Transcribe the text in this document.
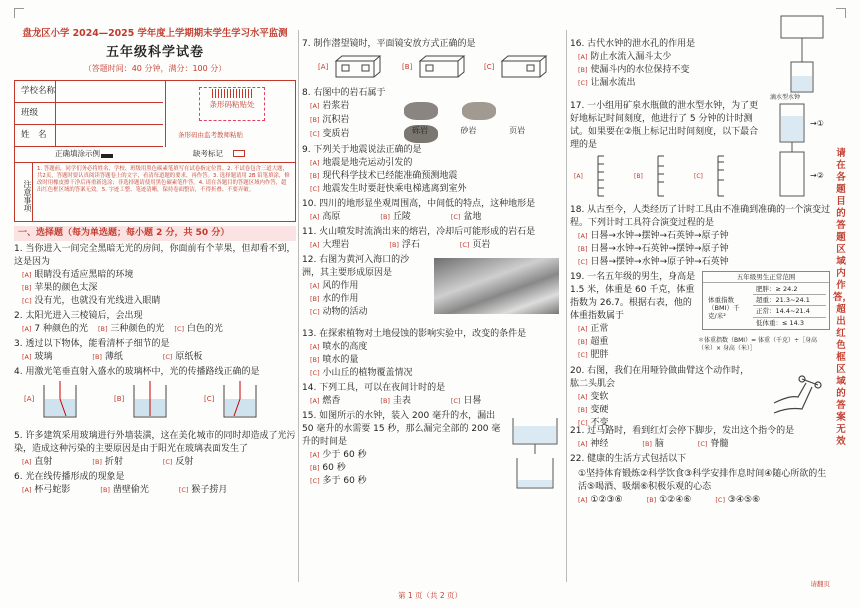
盘龙区小学 2024—2025 学年度上学期期末学生学习水平监测
五年级科学试卷
（答题时间：40 分钟，满分：100 分）
学校名称
班级
姓　名
条形码粘贴处
条形码由监考教师粘贴
正确填涂示例	缺考标记
注意事项
1. 答题前，同学们务必将姓名、学校、班级用黑色碳素笔填写在试卷指定位置。2. 不试卷包含三道大题，共2页，答题时要认真阅读答题卷上的文字，看清每道题的要求，再作答。3. 选择题请用 2B 铅笔填涂，修改时用橡皮擦干净后再重新选涂；非选择题请使用黑色碳素笔作答。4. 请在各题目的答题区域内作答，超出红色框区域的答案无效。5. 字迹工整、笔迹清晰，保持卷面整洁，不得折叠、不要弄破。
一、选择题（每为单选题；每小题 2 分，共 50 分）
1. 当你进入一间完全黑暗无光的房间，你面前有个苹果，但却看不到，这是因为
[A] 眼睛没有适应黑暗的环境
[B] 苹果的颜色太深
[C] 没有光，也就没有光线进入眼睛
2. 太阳光进入三棱镜后，会出现
[A] 7 种颜色的光 [B] 三种颜色的光 [C] 白色的光
3. 透过以下物体，能看清杯子细节的是
[A] 玻璃	[B] 薄纸	[C] 原纸板
4. 用激光笔垂直射入盛水的玻璃杯中，光的传播路线正确的是
[A]	[B]	[C]
5. 许多建筑采用玻璃进行外墙装潢，这在美化城市的同时却造成了光污染，造成这种污染的主要原因是由于阳光在玻璃表面发生了
[A] 直射	[B] 折射	[C] 反射
6. 光在线传播形成的现象是
[A] 杯弓蛇影	[B] 凿壁偷光	[C] 猴子捞月
7. 制作潜望镜时，平面镜安放方式正确的是
[A]	[B]	[C]
8. 右图中的岩石属于
[A] 岩浆岩
[B] 沉积岩
[C] 变质岩	砾岩	砂岩	页岩
9. 下列关于地震说法正确的是
[A] 地震是地壳运动引发的
[B] 现代科学技术已经能准确预测地震
[C] 地震发生时要赶快乘电梯逃离到室外
10. 四川的地形显坐观周围高，中间低的特点，这种地形是
[A] 高原	[B] 丘陵	[C] 盆地
11. 火山喷发时流淌出来的熔岩，冷却后可能形成的岩石是
[A] 大理岩	[B] 浮石	[C] 页岩
12. 右图为黄河入海口的沙洲，其主要形成原因是
[A] 风的作用
[B] 水的作用
[C] 动物的活动
13. 在探索植物对土地侵蚀的影响实验中，改变的条件是
[A] 喷水的高度
[B] 喷水的量
[C] 小山丘的植物覆盖情况
14. 下列工具，可以在夜间计时的是
[A] 燃香	[B] 圭表	[C] 日晷
15. 如图所示的水钟，装入 200 毫升的水，漏出 50 毫升的水需要 15 秒，那么漏完全部的 200 毫升的时间是
[A] 少于 60 秒
[B] 60 秒
[C] 多于 60 秒
16. 古代水钟的泄水孔的作用是
[A] 防止水流入漏斗太少
[B] 使漏斗内的水位保持不变
[C] 让漏水流出
17. 一小组用矿泉水瓶做的泄水型水钟，为了更好地标记时间刻度，他进行了 5 分钟的计时测试。如果要在②瓶上标记出时间刻度，以下最合理的是
[A]	[B]	[C]
滴水型水钟
→①
→②
18. 从古至今，人类经历了计时工具由不准确到准确的一个演变过程。下列计时工具符合演变过程的是
[A] 日晷→水钟→摆钟→石英钟→原子钟
[B] 日晷→水钟→石英钟→摆钟→原子钟
[C] 日晷→摆钟→水钟→原子钟→石英钟
19. 一名五年级的男生，身高是 1.5 米，体重是 60 千克，体重指数为 26.7。根据右表，他的体重指数属于
[A] 正常
[B] 超重
[C] 肥胖
五年级男生正常范围
体重指数（BMI）千克/米²
肥胖：≥ 24.2
超重：21.3~24.1
正常：14.4~21.4
低体重：≤ 14.3
＊体重指数（BMI）= 体重（千克）÷［身高（米）× 身高（米）］
20. 右图，我们在用哑铃做曲臂这个动作时，肱二头肌会
[A] 变软
[B] 变硬
[C] 不变
21. 过马路时，看到红灯会停下脚步，发出这个指令的是
[A] 神经	[B] 脑	[C] 脊髓
22. 健康的生活方式包括以下
①坚持体育锻炼②科学饮食③科学安排作息时间④随心所欲的生活⑤喝酒、吸烟⑥积极乐观的心态
[A] ①②③⑥	[B] ①②④⑥	[C] ③④⑤⑥
请在各题目的答题区域内作答，超出红色框区域的答案无效
请翻页
第 1 页（共 2 页）
